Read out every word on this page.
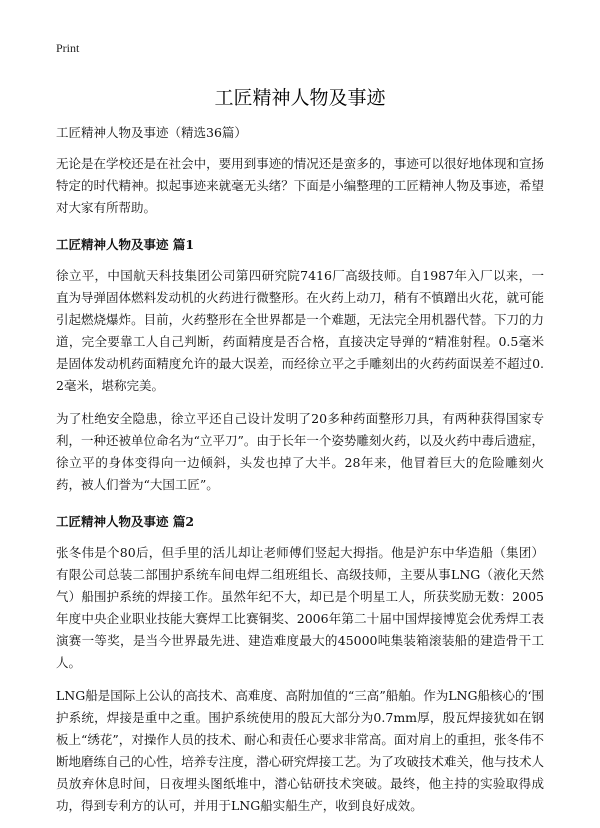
Print
工匠精神人物及事迹
工匠精神人物及事迹（精选36篇）

无论是在学校还是在社会中，要用到事迹的情况还是蛮多的，事迹可以很好地体现和宣扬特定的时代精神。拟起事迹来就毫无头绪？下面是小编整理的工匠精神人物及事迹，希望对大家有所帮助。

工匠精神人物及事迹 篇1

徐立平，中国航天科技集团公司第四研究院7416厂高级技师。自1987年入厂以来，一直为导弹固体燃料发动机的火药进行微整形。在火药上动刀，稍有不慎蹭出火花，就可能引起燃烧爆炸。目前，火药整形在全世界都是一个难题，无法完全用机器代替。下刀的力道，完全要靠工人自己判断，药面精度是否合格，直接决定导弹的“精准射程。0.5毫米是固体发动机药面精度允许的最大误差，而经徐立平之手雕刻出的火药药面误差不超过0.2毫米，堪称完美。

为了杜绝安全隐患，徐立平还自己设计发明了20多种药面整形刀具，有两种获得国家专利，一种还被单位命名为“立平刀”。由于长年一个姿势雕刻火药，以及火药中毒后遗症，徐立平的身体变得向一边倾斜，头发也掉了大半。28年来，他冒着巨大的危险雕刻火药，被人们誉为“大国工匠”。

工匠精神人物及事迹 篇2

张冬伟是个80后，但手里的活儿却让老师傅们竖起大拇指。他是沪东中华造船（集团）有限公司总装二部围护系统车间电焊二组班组长、高级技师，主要从事LNG（液化天然气）船围护系统的焊接工作。虽然年纪不大，却已是个明星工人，所获奖励无数：2005年度中央企业职业技能大赛焊工比赛铜奖、2006年第二十届中国焊接博览会优秀焊工表演赛一等奖，是当今世界最先进、建造难度最大的45000吨集装箱滚装船的建造骨干工人。

LNG船是国际上公认的高技术、高难度、高附加值的“三高”船舶。作为LNG船核心的‘围护系统，焊接是重中之重。围护系统使用的殷瓦大部分为0.7mm厚，殷瓦焊接犹如在钢板上“绣花”，对操作人员的技术、耐心和责任心要求非常高。面对肩上的重担，张冬伟不断地磨练自己的心性，培养专注度，潜心研究焊接工艺。为了攻破技术难关，他与技术人员放弃休息时间，日夜埋头图纸堆中，潜心钻研技术突破。最终，他主持的实验取得成功，得到专利方的认可，并用于LNG船实船生产，收到良好成效。
